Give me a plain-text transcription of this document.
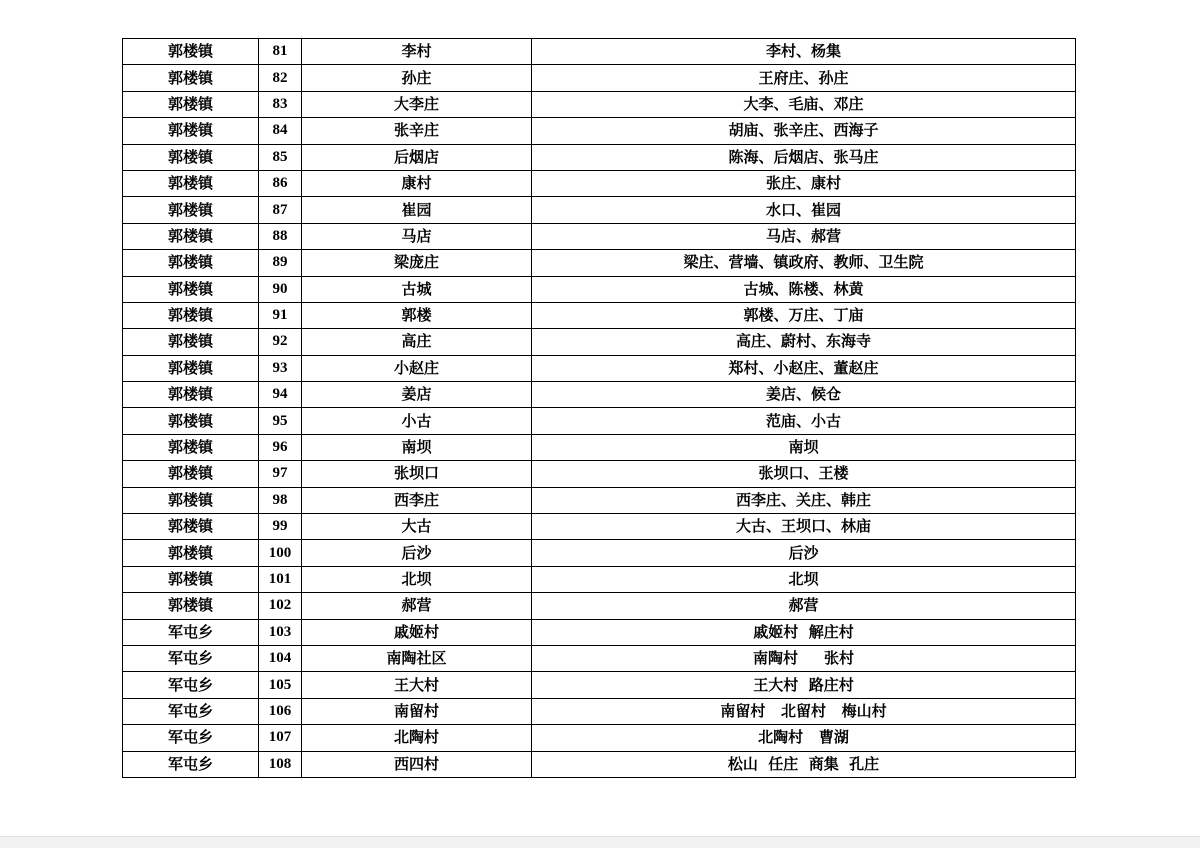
郭楼镇	81	李村	李村、杨集
郭楼镇	82	孙庄	王府庄、孙庄
郭楼镇	83	大李庄	大李、毛庙、邓庄
郭楼镇	84	张辛庄	胡庙、张辛庄、西海子
郭楼镇	85	后烟店	陈海、后烟店、张马庄
郭楼镇	86	康村	张庄、康村
郭楼镇	87	崔园	水口、崔园
郭楼镇	88	马店	马店、郝营
郭楼镇	89	梁庞庄	梁庄、营墙、镇政府、教师、卫生院
郭楼镇	90	古城	古城、陈楼、林黄
郭楼镇	91	郭楼	郭楼、万庄、丁庙
郭楼镇	92	高庄	高庄、蔚村、东海寺
郭楼镇	93	小赵庄	郑村、小赵庄、董赵庄
郭楼镇	94	姜店	姜店、候仓
郭楼镇	95	小古	范庙、小古
郭楼镇	96	南坝	南坝
郭楼镇	97	张坝口	张坝口、王楼
郭楼镇	98	西李庄	西李庄、关庄、韩庄
郭楼镇	99	大古	大古、王坝口、林庙
郭楼镇	100	后沙	后沙
郭楼镇	101	北坝	北坝
郭楼镇	102	郝营	郝营
军屯乡	103	戚姬村	戚姬村  解庄村
军屯乡	104	南陶社区	南陶村     张村
军屯乡	105	王大村	王大村  路庄村
军屯乡	106	南留村	南留村   北留村   梅山村
军屯乡	107	北陶村	北陶村   曹湖
军屯乡	108	西四村	松山  任庄  商集  孔庄
